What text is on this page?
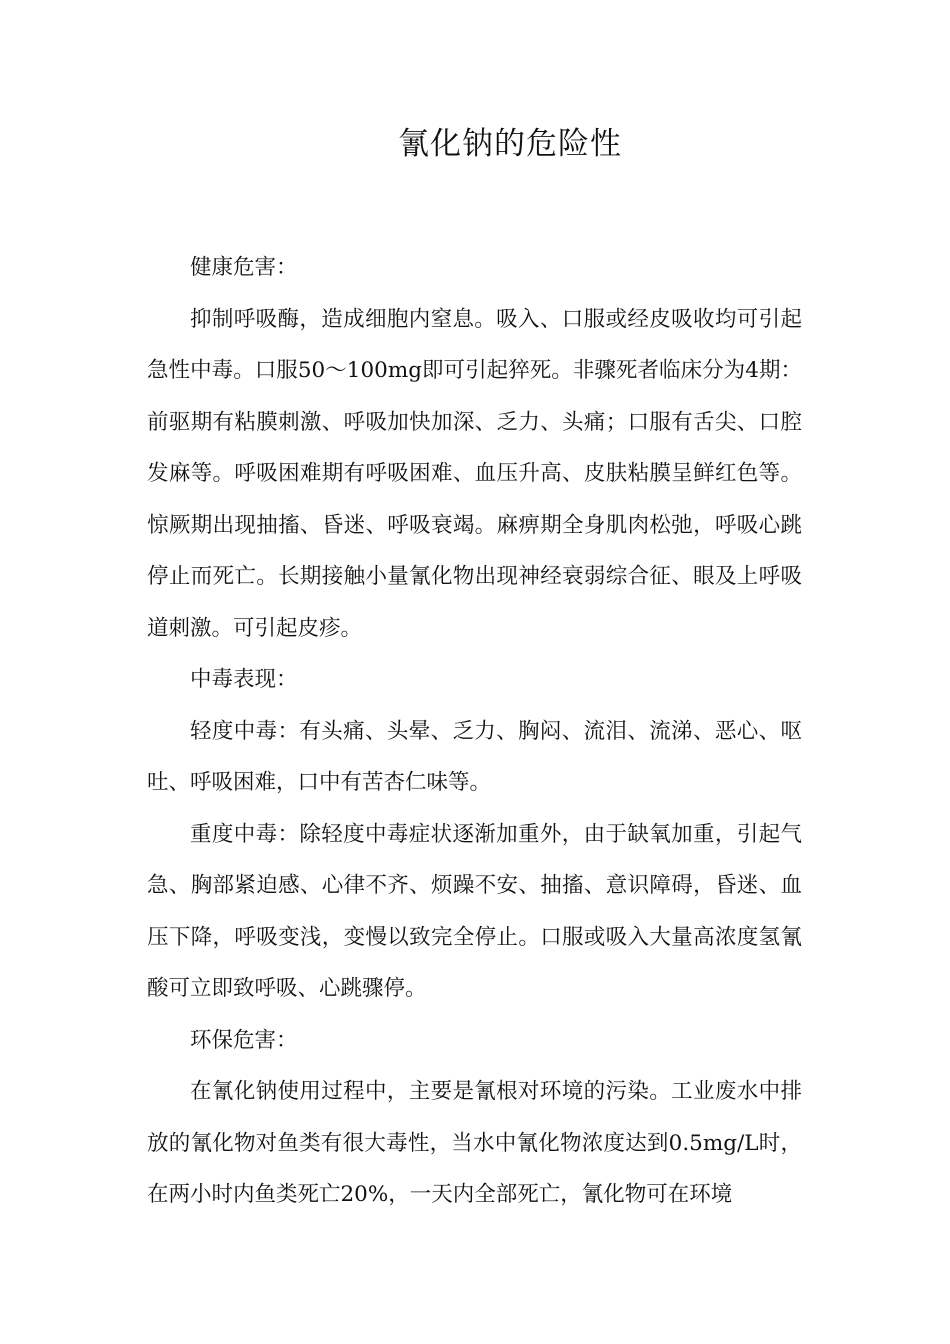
氰化钠的危险性

健康危害：

抑制呼吸酶，造成细胞内窒息。吸入、口服或经皮吸收均可引起急性中毒。口服50～100mg即可引起猝死。非骤死者临床分为4期：前驱期有粘膜刺激、呼吸加快加深、乏力、头痛；口服有舌尖、口腔发麻等。呼吸困难期有呼吸困难、血压升高、皮肤粘膜呈鲜红色等。惊厥期出现抽搐、昏迷、呼吸衰竭。麻痹期全身肌肉松弛，呼吸心跳停止而死亡。长期接触小量氰化物出现神经衰弱综合征、眼及上呼吸道刺激。可引起皮疹。

中毒表现：

轻度中毒：有头痛、头晕、乏力、胸闷、流泪、流涕、恶心、呕吐、呼吸困难，口中有苦杏仁味等。

重度中毒：除轻度中毒症状逐渐加重外，由于缺氧加重，引起气急、胸部紧迫感、心律不齐、烦躁不安、抽搐、意识障碍，昏迷、血压下降，呼吸变浅，变慢以致完全停止。口服或吸入大量高浓度氢氰酸可立即致呼吸、心跳骤停。

环保危害：

在氰化钠使用过程中，主要是氰根对环境的污染。工业废水中排放的氰化物对鱼类有很大毒性，当水中氰化物浓度达到0.5mg/L时，在两小时内鱼类死亡20%，一天内全部死亡，氰化物可在环境
